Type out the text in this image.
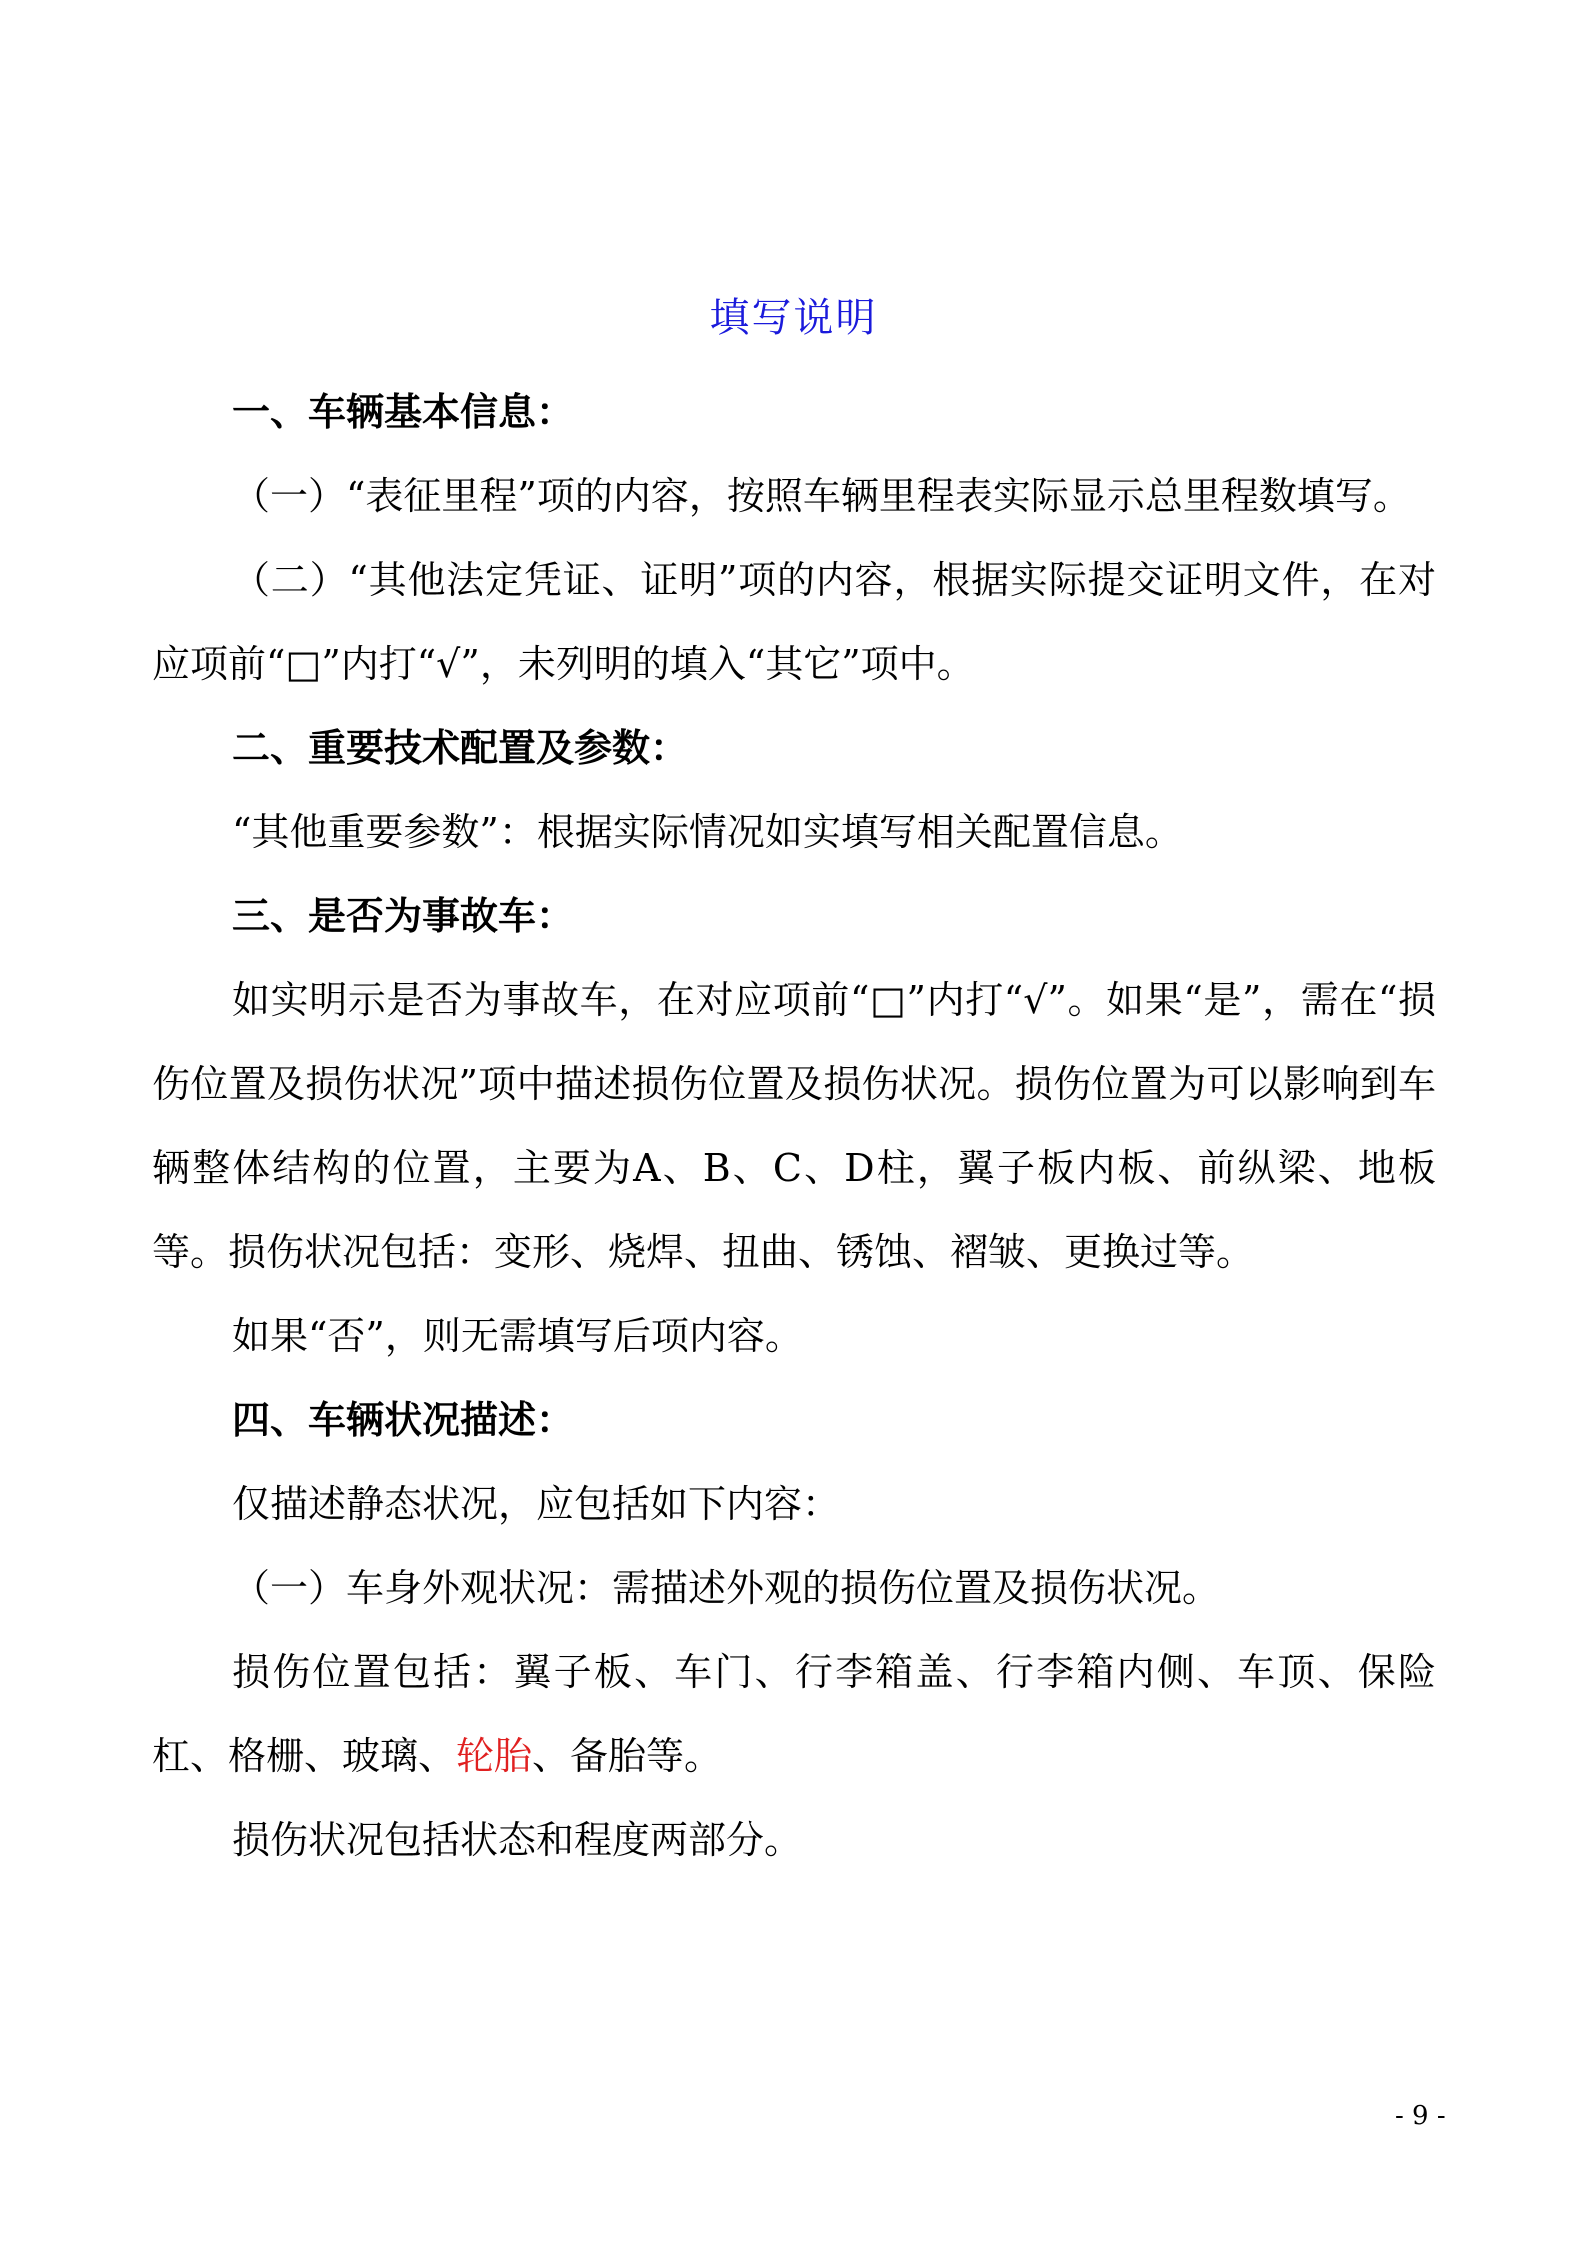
填写说明

一、车辆基本信息：

（一）“表征里程”项的内容，按照车辆里程表实际显示总里程数填写。

（二）“其他法定凭证、证明”项的内容，根据实际提交证明文件，在对应项前“□”内打“√”，未列明的填入“其它”项中。

二、重要技术配置及参数：

“其他重要参数”：根据实际情况如实填写相关配置信息。

三、是否为事故车：

如实明示是否为事故车，在对应项前“□”内打“√”。如果“是”，需在“损伤位置及损伤状况”项中描述损伤位置及损伤状况。损伤位置为可以影响到车辆整体结构的位置，主要为A、B、C、D柱，翼子板内板、前纵梁、地板等。损伤状况包括：变形、烧焊、扭曲、锈蚀、褶皱、更换过等。

如果“否”，则无需填写后项内容。

四、车辆状况描述：

仅描述静态状况，应包括如下内容：

（一）车身外观状况：需描述外观的损伤位置及损伤状况。

损伤位置包括：翼子板、车门、行李箱盖、行李箱内侧、车顶、保险杠、格栅、玻璃、轮胎、备胎等。

损伤状况包括状态和程度两部分。

- 9 -
